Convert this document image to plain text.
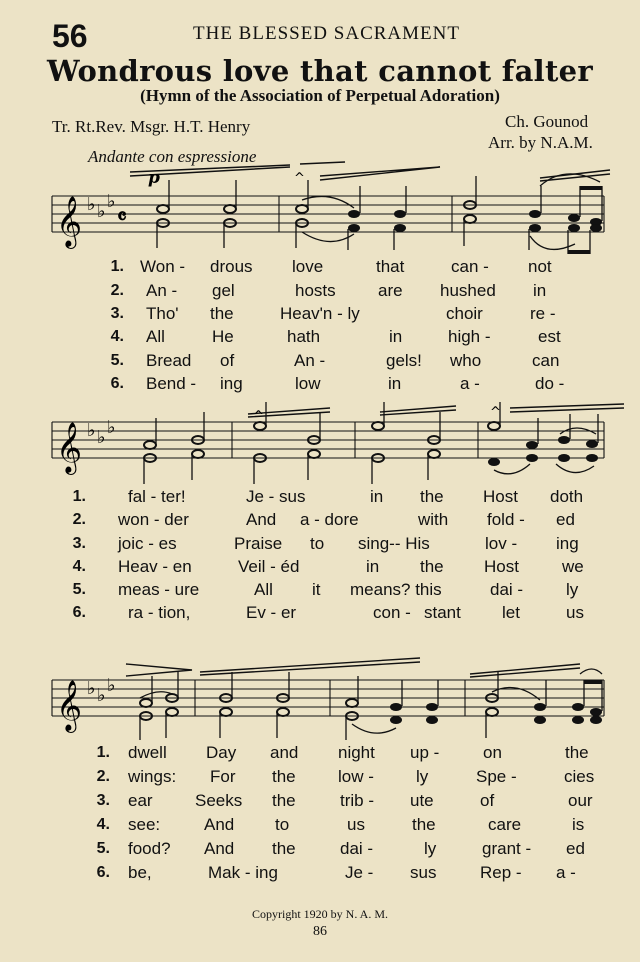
56	THE BLESSED SACRAMENT
Wondrous love that cannot falter
(Hymn of the Association of Perpetual Adoration)
Tr. Rt.Rev. Msgr. H.T. Henry	Ch. Gounod
Arr. by N.A.M.
Andante con espressione
p	^
𝄞 ♭ ♭ ♭
𝄴
^	^
𝄞 ♭ ♭ ♭
𝄞 ♭ ♭ ♭
1.
2.
3.
4.
5.
6.
Won - drous love	that	can - not
An - gel	hosts are hushed in
Tho' the	Heav'n - ly	choir	re -
All	He	hath	in	high -	est
Bread of	An -	gels! who	can
Bend - ing	low	in	a -	do -
1.
2.
3.
4.
5.
6.
fal - ter!	Je - sus	in the Host doth
won - der	And a - dore	with fold - ed
joic - es	Praise to sing-- His	lov - ing
Heav - en	Veil - éd	in the Host	we
meas - ure	All it means? this	dai -	ly
ra - tion,	Ev - er	con - stant let	us
1.
2.
3.
4.
5.
6.
dwell Day and night up -	on	the
wings: For the low - ly	Spe -	cies
ear Seeks the	trib - ute	of	our
see:	And to	us	the	care	is
food? And the	dai -	ly	grant - ed
be,	Mak - ing	Je - sus	Rep - a -
Copyright 1920 by N. A. M.
86
